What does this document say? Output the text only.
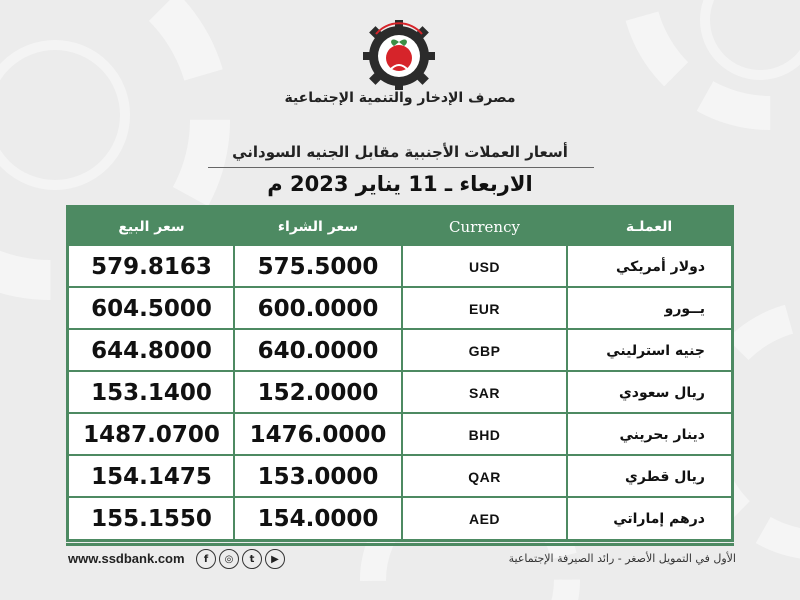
مصرف الإدخار والتنمية الإجتماعية
أسعار العملات الأجنبية مقابل الجنيه السوداني
الاربعاء ـ 11 يناير 2023 م
سعر البيع	سعر الشراء	Currency	العملـة
579.8163	575.5000	USD	دولار أمريكي
604.5000	600.0000	EUR	يــورو
644.8000	640.0000	GBP	جنيه استرليني
153.1400	152.0000	SAR	ريال سعودي
1487.0700	1476.0000	BHD	دينار بحريني
154.1475	153.0000	QAR	ريال قطري
155.1550	154.0000	AED	درهم إماراتي
www.ssdbank.com	f	◎	t	▶	الأول في التمويل الأصغر - رائد الصيرفة الإجتماعية
